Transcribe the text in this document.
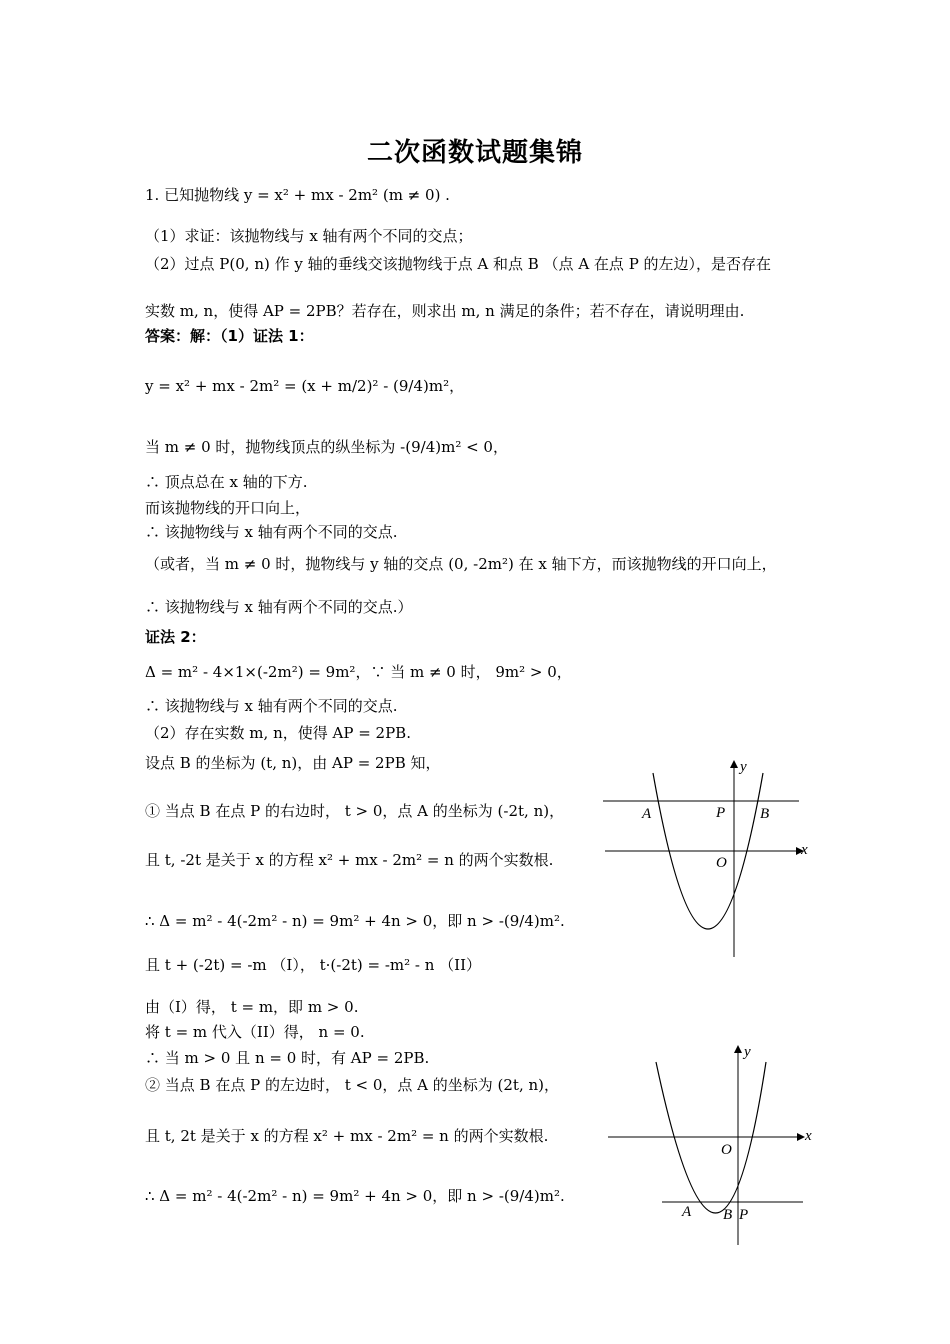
二次函数试题集锦
1. 已知抛物线 y = x² + mx - 2m² (m ≠ 0) .
（1）求证：该抛物线与 x 轴有两个不同的交点；
（2）过点 P(0, n) 作 y 轴的垂线交该抛物线于点 A 和点 B （点 A 在点 P 的左边），是否存在
实数 m, n，使得 AP = 2PB？若存在，则求出 m, n 满足的条件；若不存在，请说明理由.
答案：解：（1）证法 1：
y = x² + mx - 2m² = (x + m/2)² - (9/4)m²，
当 m ≠ 0 时，抛物线顶点的纵坐标为 -(9/4)m² < 0，
∴ 顶点总在 x 轴的下方.
而该抛物线的开口向上，
∴ 该抛物线与 x 轴有两个不同的交点.
（或者，当 m ≠ 0 时，抛物线与 y 轴的交点 (0, -2m²) 在 x 轴下方，而该抛物线的开口向上，
∴ 该抛物线与 x 轴有两个不同的交点.）
证法 2：
Δ = m² - 4×1×(-2m²) = 9m²，∵ 当 m ≠ 0 时， 9m² > 0，
∴ 该抛物线与 x 轴有两个不同的交点.
（2）存在实数 m, n，使得 AP = 2PB.
设点 B 的坐标为 (t, n)，由 AP = 2PB 知，
① 当点 B 在点 P 的右边时， t > 0，点 A 的坐标为 (-2t, n)，
且 t, -2t 是关于 x 的方程 x² + mx - 2m² = n 的两个实数根.
∴ Δ = m² - 4(-2m² - n) = 9m² + 4n > 0，即 n > -(9/4)m².
且 t + (-2t) = -m （I）， t·(-2t) = -m² - n （II）
由（I）得， t = m，即 m > 0.
将 t = m 代入（II）得， n = 0.
∴ 当 m > 0 且 n = 0 时，有 AP = 2PB.
② 当点 B 在点 P 的左边时， t < 0，点 A 的坐标为 (2t, n)，
且 t, 2t 是关于 x 的方程 x² + mx - 2m² = n 的两个实数根.
∴ Δ = m² - 4(-2m² - n) = 9m² + 4n > 0，即 n > -(9/4)m².
y
A	P B
x
O
y
x
O
A B P
